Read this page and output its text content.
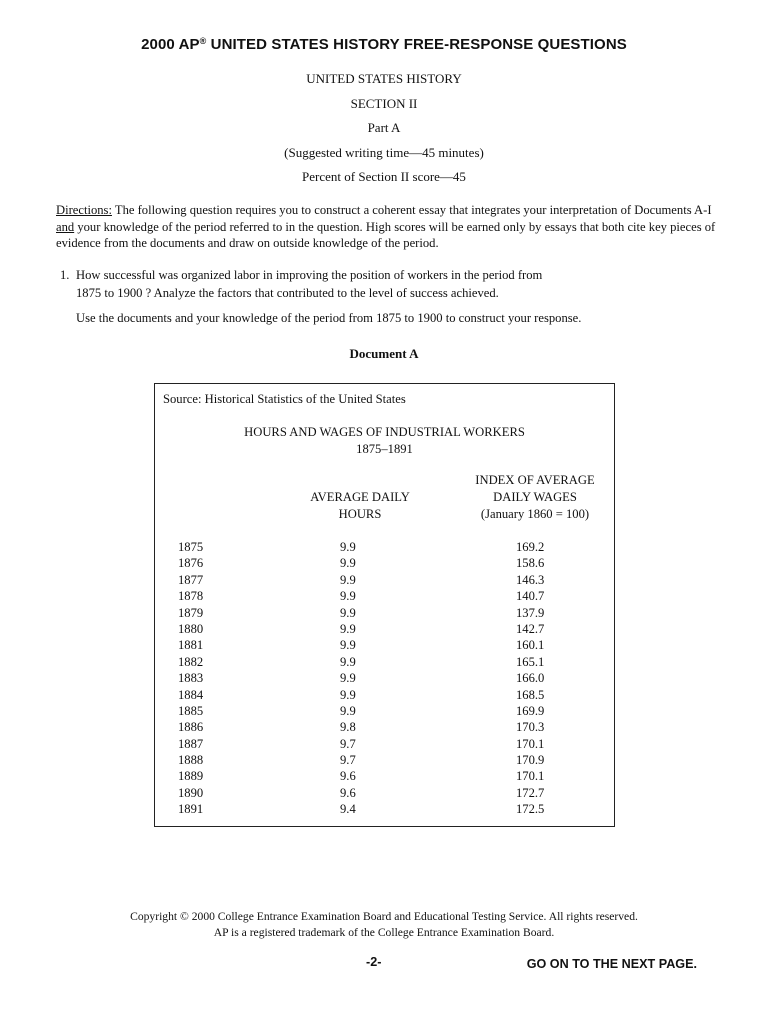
2000 AP® UNITED STATES HISTORY FREE-RESPONSE QUESTIONS
UNITED STATES HISTORY
SECTION II
Part A
(Suggested writing time—45 minutes)
Percent of Section II score—45
Directions: The following question requires you to construct a coherent essay that integrates your interpretation of Documents A-I and your knowledge of the period referred to in the question. High scores will be earned only by essays that both cite key pieces of evidence from the documents and draw on outside knowledge of the period.
1. How successful was organized labor in improving the position of workers in the period from
1875 to 1900 ? Analyze the factors that contributed to the level of success achieved.
Use the documents and your knowledge of the period from 1875 to 1900 to construct your response.
Document A
Source: Historical Statistics of the United States
HOURS AND WAGES OF INDUSTRIAL WORKERS
1875–1891
AVERAGE DAILY
HOURS
INDEX OF AVERAGE
DAILY WAGES
(January 1860 = 100)
1875	9.9	169.2
1876	9.9	158.6
1877	9.9	146.3
1878	9.9	140.7
1879	9.9	137.9
1880	9.9	142.7
1881	9.9	160.1
1882	9.9	165.1
1883	9.9	166.0
1884	9.9	168.5
1885	9.9	169.9
1886	9.8	170.3
1887	9.7	170.1
1888	9.7	170.9
1889	9.6	170.1
1890	9.6	172.7
1891	9.4	172.5
Copyright © 2000 College Entrance Examination Board and Educational Testing Service. All rights reserved.
AP is a registered trademark of the College Entrance Examination Board.
-2-	GO ON TO THE NEXT PAGE.
